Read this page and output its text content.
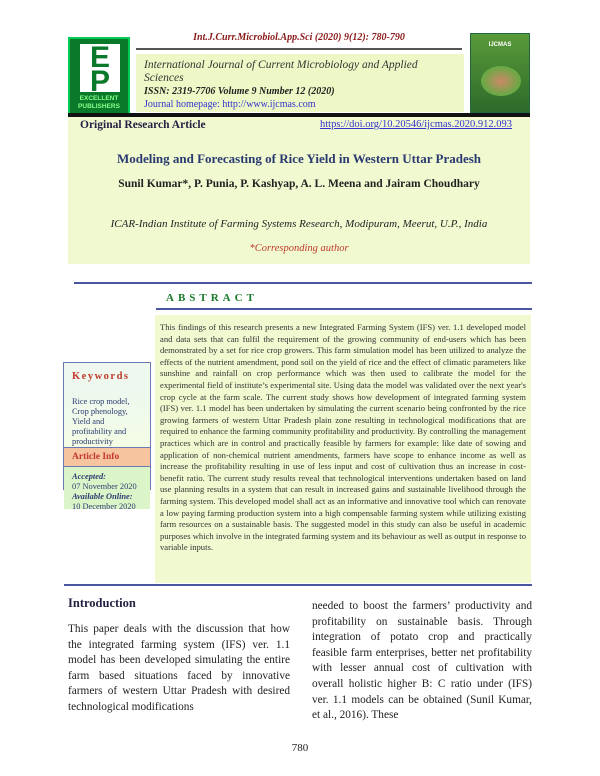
E
P
EXCELLENT PUBLISHERS
Int.J.Curr.Microbiol.App.Sci (2020) 9(12): 780-790
International Journal of Current Microbiology and Applied Sciences
ISSN: 2319-7706 Volume 9 Number 12 (2020)
Journal homepage: http://www.ijcmas.com
IJCMAS
Original Research Article	https://doi.org/10.20546/ijcmas.2020.912.093
Modeling and Forecasting of Rice Yield in Western Uttar Pradesh
Sunil Kumar*, P. Punia, P. Kashyap, A. L. Meena and Jairam Choudhary
ICAR-Indian Institute of Farming Systems Research, Modipuram, Meerut, U.P., India
*Corresponding author
ABSTRACT
This findings of this research presents a new Integrated Farming System (IFS) ver. 1.1 developed model and data sets that can fulfil the requirement of the growing community of end-users which has been demonstrated by a set for rice crop growers. This farm simulation model has been utilized to analyze the effects of the nutrient amendment, pond soil on the yield of rice and the effect of climatic parameters like sunshine and rainfall on crop performance which was then used to calibrate the model for the experimental field of institute’s experimental site. Using data the model was validated over the next year's crop cycle at the farm scale. The current study shows how development of integrated farming system (IFS) ver. 1.1 model has been undertaken by simulating the current scenario being confronted by the rice growing farmers of western Uttar Pradesh plain zone resulting in technological modifications that are required to enhance the farming community profitability and productivity. By controlling the management practices which are in control and practically feasible by farmers for example: like date of sowing and application of non-chemical nutrient amendments, farmers have scope to enhance income as well as increase the profitability resulting in use of less input and cost of cultivation thus an increase in cost-benefit ratio. The current study results reveal that technological interventions undertaken based on land use planning results in a system that can result in increased gains and sustainable livelihood through the farming system. This developed model shall act as an informative and innovative tool which can renovate a low paying farming production system into a high compensable farming system while utilizing existing farm resources on a sustainable basis. The suggested model in this study can also be useful in academic purposes which involve in the integrated farming system and its behaviour as well as output in response to variable inputs.
Keywords
Rice crop model, Crop phenology, Yield and profitability and productivity
Article Info
Accepted:
07 November 2020
Available Online:
10 December 2020
Introduction
This paper deals with the discussion that how the integrated farming system (IFS) ver. 1.1 model has been developed simulating the entire farm based situations faced by innovative farmers of western Uttar Pradesh with desired technological modifications
needed to boost the farmers’ productivity and profitability on sustainable basis. Through integration of potato crop and practically feasible farm enterprises, better net profitability with lesser annual cost of cultivation with overall holistic higher B: C ratio under (IFS) ver. 1.1 models can be obtained (Sunil Kumar, et al., 2016). These
780
